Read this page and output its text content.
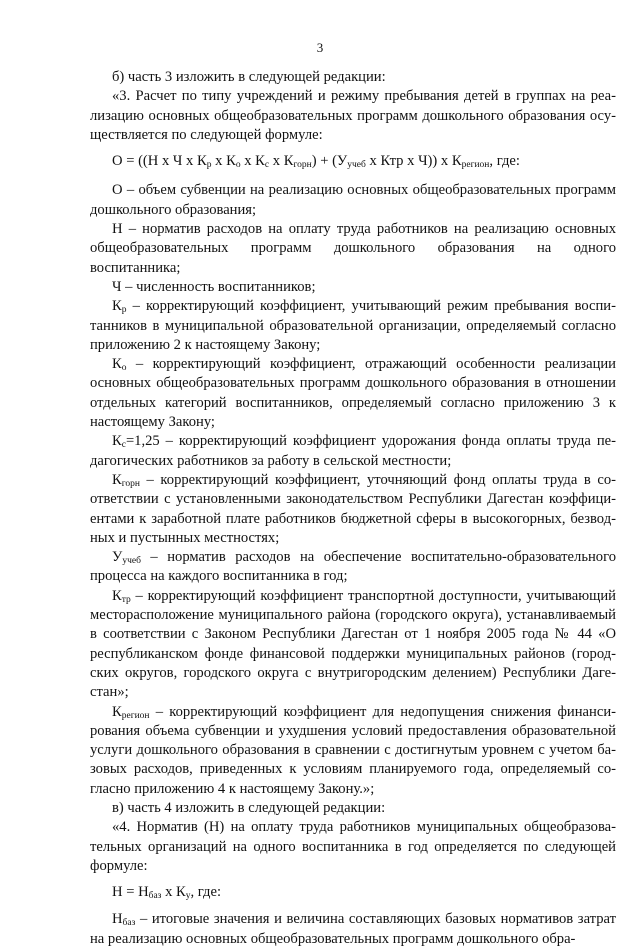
3

б) часть 3 изложить в следующей редакции:

«3. Расчет по типу учреждений и режиму пребывания детей в группах на реализацию основных общеобразовательных программ дошкольного образования осуществляется по следующей формуле:

О = ((Н х Ч х $К_р$ х $К_о$ х $К_с$ х $К_{горн}) + (У_{учеб}$ х Ктр х Ч)) х $К_{регион}$, где:

О – объем субвенции на реализацию основных общеобразовательных программ дошкольного образования;

Н – норматив расходов на оплату труда работников на реализацию основных общеобразовательных программ дошкольного образования на одного воспитанника;

Ч – численность воспитанников;

$К_р$ – корректирующий коэффициент, учитывающий режим пребывания воспитанников в муниципальной образовательной организации, определяемый согласно приложению 2 к настоящему Закону;

$К_о$ – корректирующий коэффициент, отражающий особенности реализации основных общеобразовательных программ дошкольного образования в отношении отдельных категорий воспитанников, определяемый согласно приложению 3 к настоящему Закону;

$К_с=1,25$ – корректирующий коэффициент удорожания фонда оплаты труда педагогических работников за работу в сельской местности;

$К_{горн}$ – корректирующий коэффициент, уточняющий фонд оплаты труда в соответствии с установленными законодательством Республики Дагестан коэффициентами к заработной плате работников бюджетной сферы в высокогорных, безводных и пустынных местностях;

$У_{учеб}$ – норматив расходов на обеспечение воспитательно-образовательного процесса на каждого воспитанника в год;

$К_{тр}$ – корректирующий коэффициент транспортной доступности, учитывающий месторасположение муниципального района (городского округа), устанавливаемый в соответствии с Законом Республики Дагестан от 1 ноября 2005 года № 44 «О республиканском фонде финансовой поддержки муниципальных районов (городских округов, городского округа с внутригородским делением) Республики Дагестан»;

$К_{регион}$ – корректирующий коэффициент для недопущения снижения финансирования объема субвенции и ухудшения условий предоставления образовательной услуги дошкольного образования в сравнении с достигнутым уровнем с учетом базовых расходов, приведенных к условиям планируемого года, определяемый согласно приложению 4 к настоящему Закону.»;

в) часть 4 изложить в следующей редакции:

«4. Норматив (Н) на оплату труда работников муниципальных общеобразовательных организаций на одного воспитанника в год определяется по следующей формуле:

$Н = Н_{баз}$ х $К_у$, где:

$Н_{баз}$ – итоговые значения и величина составляющих базовых нормативов затрат на реализацию основных общеобразовательных программ дошкольного обра-
